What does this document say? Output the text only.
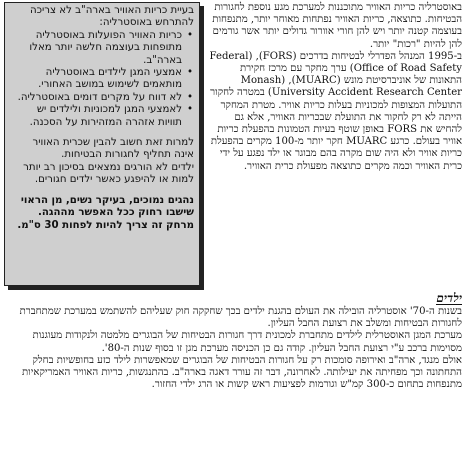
בעיית כריות האוויר בארה"ב לא צריכה להתרחש באוסטרליה:

• כריות האוויר הפועלות באוסטרליה מתופחות בעוצמה חלשה יותר מאלו בארה"ב.
• אמצעי המגן לילדים באוסטרליה מותאמים לשימוש במושב האחורי.
• לא דווח על מקרים דומים באוסטרליה.
• לאמצעי המגן למכוניות ולילדים יש תוויות אזהרה המזהירות על הסכנה.

למרות זאת חשוב להבין שכרית האוויר אינה תחליף לחגורות הבטיחות.

ילדים לא הורגים נמצאים בסיכון רב יותר למות או להיפגע כאשר ילדים חגורים.

נהגים נמוכים, בעיקר נשים, מן הראוי שישבו רחוק ככל האפשר מההגה. מרחק זה צריך להיות לפחות 30 ס"מ.

באוסטרליה כריות האוויר מתוכננות למערכת מגע נוספת לחגורות הבטיחות. כתוצאה, כריות האוויר נפתחות מאוחר יותר, מתנפחות בעוצמה קטנה יותר ויש להן חורי אוורור גדולים יותר אשר גורמים להן להיות "רכות" יותר.

ב-1995 המנהל הפדרלי לבטיחות בדרכים (FORS), (Federal Office of Road Safety) ערך מחקר עם מרכז חקירת התאונות של אוניברסיטת מונש (MUARC), (Monash University Accident Research Center) במטרה לחקור התועלות המצופות למכוניות בעלות כריות אוויר. מטרת המחקר הייתה לא רק לחקור את התועלת שבכריות האוויר, אלא גם להחיש את FORS באופן שוטף בעיות הטמונות בהפעלת כריות אוויר בעולם. כרגע MUARC חקר יותר מ-100 מקרים בהפעלת כריות אוויר ולא היה שום מקרה בהם מבוגר או ילד נפגע על ידי כרית האוויר וכמה מקרים כתוצאה מפעולת כרית האוויר.

ילדים

בשנות ה-70' אוסטרליה הובילה את העולם בהגנת ילדים בכך שחקקה חוק שעליהם להשתמש במערכת שמתחברת לחגורות הבטיחות ומשלב את רצועת החבל העליון.

מערכת המגן האוסטרלית לילדים מתחברת למכונית דרך חגורות הבטיחות של הבוגרים מלמטה ולנקודות מעוגנות מסוימות ברכב ע"י רצועת החבל העליון. קודה גם כן הכניסה מערכת מגן זו בסוף שנות ה-80'.

אולם מנגד, ארה"ב ואירופה סומכות רק על חגורות הבטיחות של הבוגרים שמאפשרות לילד כזע בחופשיות בחלק התחתונה וכך מפחיתה את יעילותה. לאחרונה, דבר זה עורר דאגה בארה"ב. בהתנגשות, כריות האוויר האמריקאיות מתנפחות בתחום כ-300 קמ"ש וגורמות לפציעות ראש קשות או הרג ילדי החזור.
